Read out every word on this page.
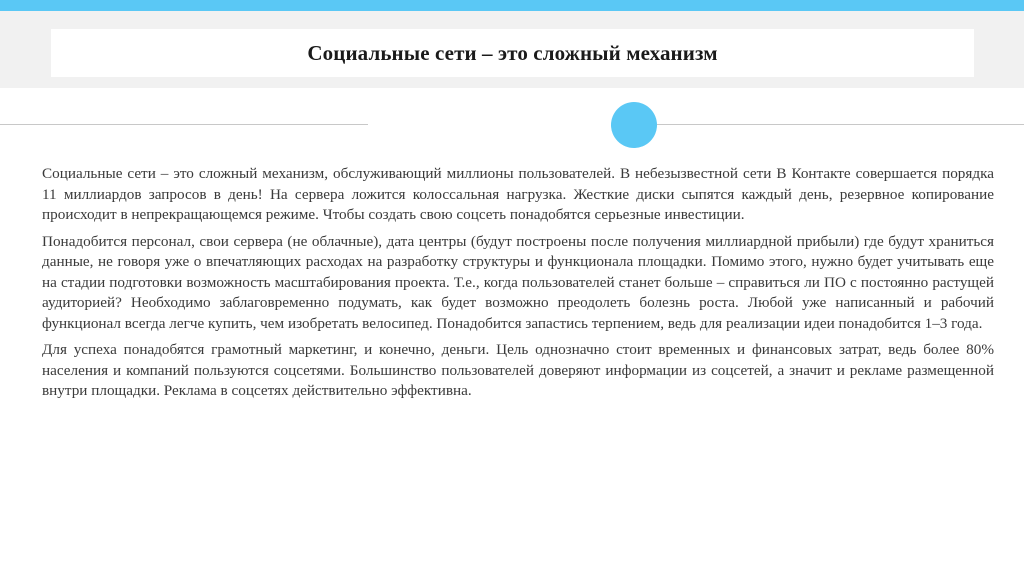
Социальные сети – это сложный механизм

Социальные сети – это сложный механизм, обслуживающий миллионы пользователей. В небезызвестной сети В Контакте совершается порядка 11 миллиардов запросов в день! На сервера ложится колоссальная нагрузка. Жесткие диски сыпятся каждый день, резервное копирование происходит в непрекращающемся режиме. Чтобы создать свою соцсеть понадобятся серьезные инвестиции.

Понадобится персонал, свои сервера (не облачные), дата центры (будут построены после получения миллиардной прибыли) где будут храниться данные, не говоря уже о впечатляющих расходах на разработку структуры и функционала площадки. Помимо этого, нужно будет учитывать еще на стадии подготовки возможность масштабирования проекта. Т.е., когда пользователей станет больше – справиться ли ПО с постоянно растущей аудиторией? Необходимо заблаговременно подумать, как будет возможно преодолеть болезнь роста. Любой уже написанный и рабочий функционал всегда легче купить, чем изобретать велосипед. Понадобится запастись терпением, ведь для реализации идеи понадобится 1–3 года.

Для успеха понадобятся грамотный маркетинг, и конечно, деньги. Цель однозначно стоит временных и финансовых затрат, ведь более 80% населения и компаний пользуются соцсетями. Большинство пользователей доверяют информации из соцсетей, а значит и рекламе размещенной внутри площадки. Реклама в соцсетях действительно эффективна.
